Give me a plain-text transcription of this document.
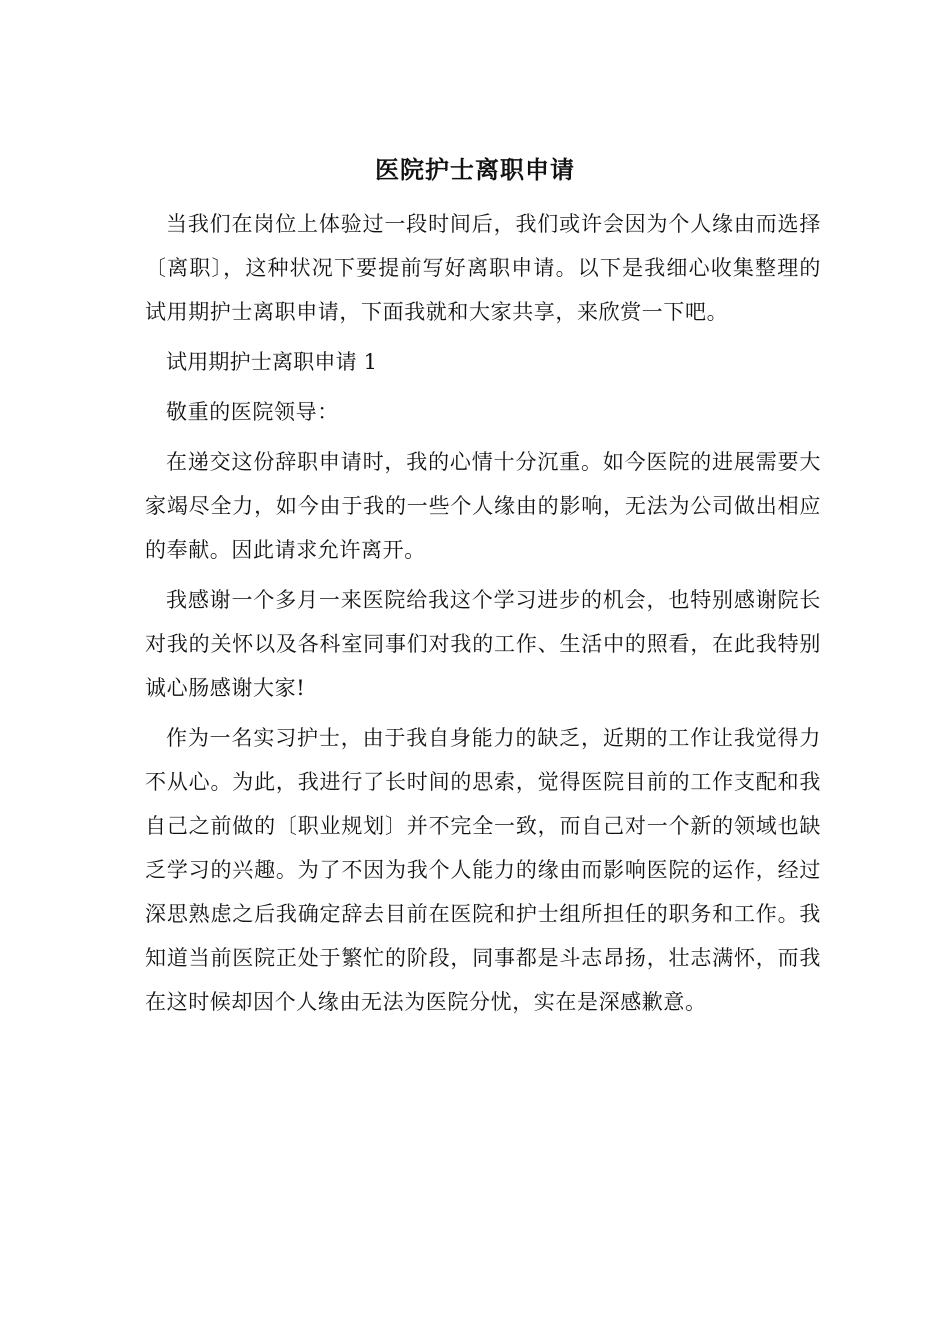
医院护士离职申请

当我们在岗位上体验过一段时间后，我们或许会因为个人缘由而选择〔离职〕，这种状况下要提前写好离职申请。以下是我细心收集整理的试用期护士离职申请，下面我就和大家共享，来欣赏一下吧。

试用期护士离职申请 1

敬重的医院领导：

在递交这份辞职申请时，我的心情十分沉重。如今医院的进展需要大家竭尽全力，如今由于我的一些个人缘由的影响，无法为公司做出相应的奉献。因此请求允许离开。

我感谢一个多月一来医院给我这个学习进步的机会，也特别感谢院长对我的关怀以及各科室同事们对我的工作、生活中的照看，在此我特别诚心肠感谢大家!

作为一名实习护士，由于我自身能力的缺乏，近期的工作让我觉得力不从心。为此，我进行了长时间的思索，觉得医院目前的工作支配和我自己之前做的〔职业规划〕并不完全一致，而自己对一个新的领域也缺乏学习的兴趣。为了不因为我个人能力的缘由而影响医院的运作，经过深思熟虑之后我确定辞去目前在医院和护士组所担任的职务和工作。我知道当前医院正处于繁忙的阶段，同事都是斗志昂扬，壮志满怀，而我在这时候却因个人缘由无法为医院分忧，实在是深感歉意。
